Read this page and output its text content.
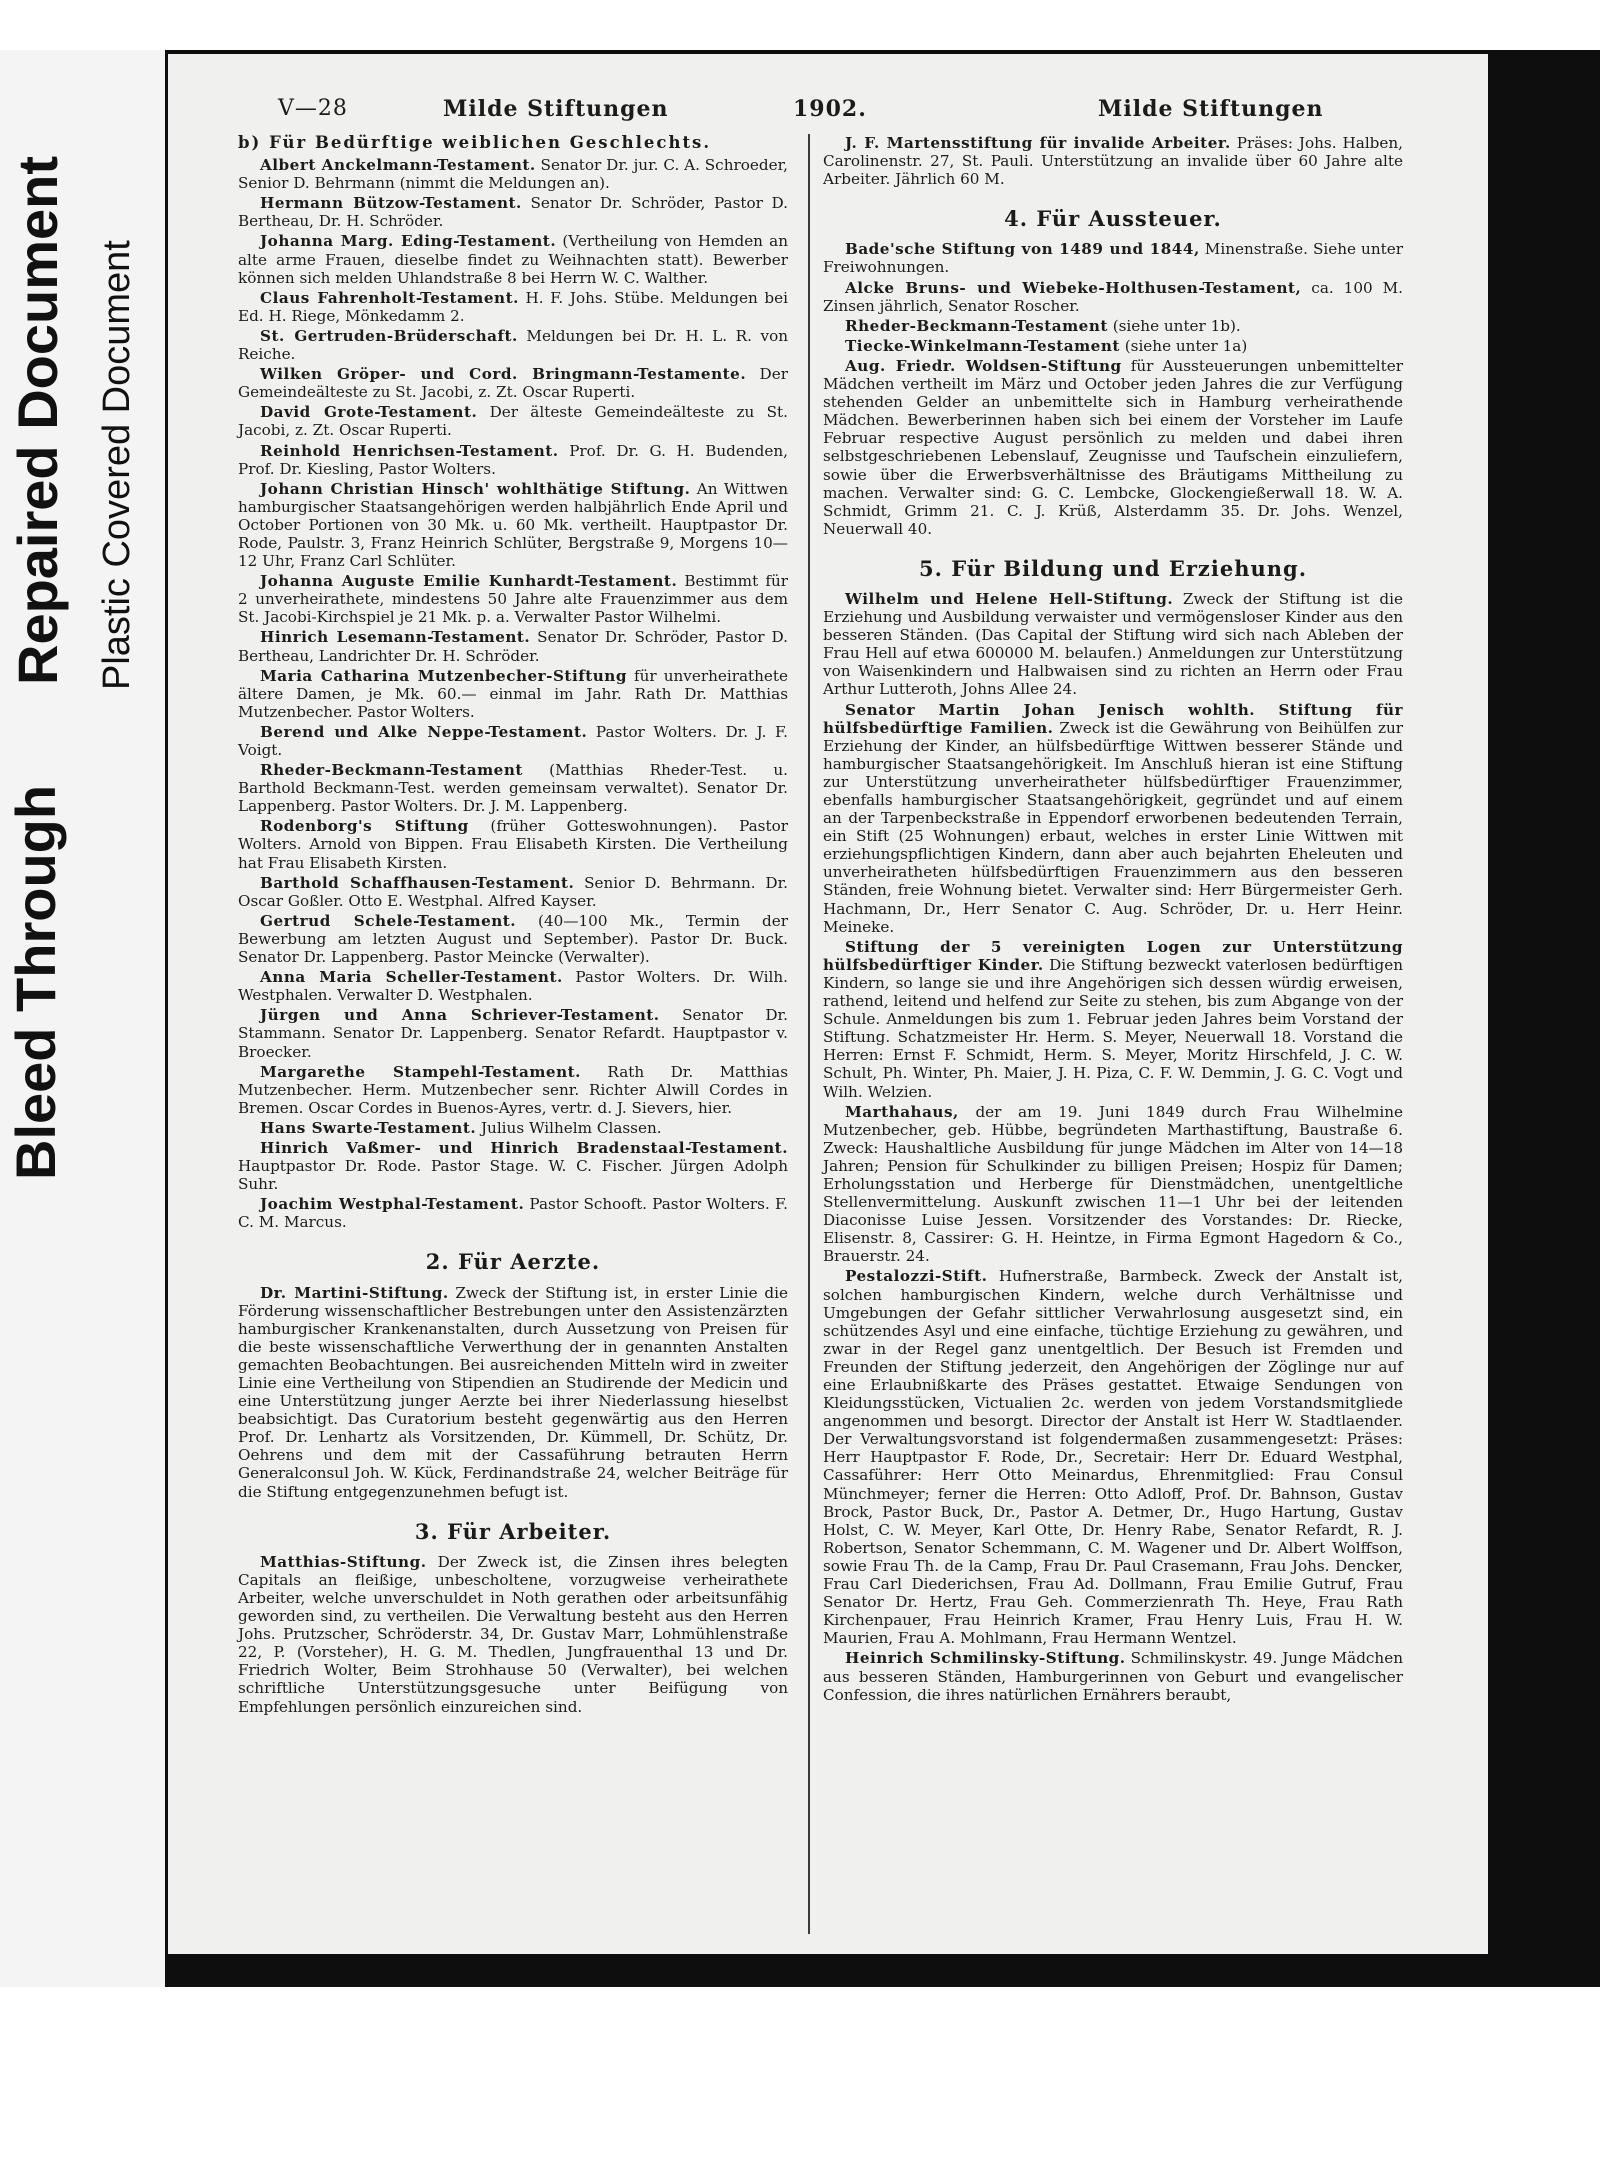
Bleed Through
Repaired Document Plastic Covered Document
V—28	Milde Stiftungen	1902.	Milde Stiftungen
b) Für Bedürftige weiblichen Geschlechts.

Albert Anckelmann-Testament. Senator Dr. jur. C. A. Schroeder, Senior D. Behrmann (nimmt die Meldungen an).

Hermann Bützow-Testament. Senator Dr. Schröder, Pastor D. Bertheau, Dr. H. Schröder.

Johanna Marg. Eding-Testament. (Vertheilung von Hemden an alte arme Frauen, dieselbe findet zu Weihnachten statt). Bewerber können sich melden Uhlandstraße 8 bei Herrn W. C. Walther.

Claus Fahrenholt-Testament. H. F. Johs. Stübe. Meldungen bei Ed. H. Riege, Mönkedamm 2.

St. Gertruden-Brüderschaft. Meldungen bei Dr. H. L. R. von Reiche.

Wilken Gröper- und Cord. Bringmann-Testamente. Der Gemeindeälteste zu St. Jacobi, z. Zt. Oscar Ruperti.

David Grote-Testament. Der älteste Gemeindeälteste zu St. Jacobi, z. Zt. Oscar Ruperti.

Reinhold Henrichsen-Testament. Prof. Dr. G. H. Budenden, Prof. Dr. Kiesling, Pastor Wolters.

Johann Christian Hinsch' wohlthätige Stiftung. An Wittwen hamburgischer Staatsangehörigen werden halbjährlich Ende April und October Portionen von 30 Mk. u. 60 Mk. vertheilt. Hauptpastor Dr. Rode, Paulstr. 3, Franz Heinrich Schlüter, Bergstraße 9, Morgens 10—12 Uhr, Franz Carl Schlüter.

Johanna Auguste Emilie Kunhardt-Testament. Bestimmt für 2 unverheirathete, mindestens 50 Jahre alte Frauenzimmer aus dem St. Jacobi-Kirchspiel je 21 Mk. p. a. Verwalter Pastor Wilhelmi.

Hinrich Lesemann-Testament. Senator Dr. Schröder, Pastor D. Bertheau, Landrichter Dr. H. Schröder.

Maria Catharina Mutzenbecher-Stiftung für unverheirathete ältere Damen, je Mk. 60.— einmal im Jahr. Rath Dr. Matthias Mutzenbecher. Pastor Wolters.

Berend und Alke Neppe-Testament. Pastor Wolters. Dr. J. F. Voigt.

Rheder-Beckmann-Testament (Matthias Rheder-Test. u. Barthold Beckmann-Test. werden gemeinsam verwaltet). Senator Dr. Lappenberg. Pastor Wolters. Dr. J. M. Lappenberg.

Rodenborg's Stiftung (früher Gotteswohnungen). Pastor Wolters. Arnold von Bippen. Frau Elisabeth Kirsten. Die Vertheilung hat Frau Elisabeth Kirsten.

Barthold Schaffhausen-Testament. Senior D. Behrmann. Dr. Oscar Goßler. Otto E. Westphal. Alfred Kayser.

Gertrud Schele-Testament. (40—100 Mk., Termin der Bewerbung am letzten August und September). Pastor Dr. Buck. Senator Dr. Lappenberg. Pastor Meincke (Verwalter).

Anna Maria Scheller-Testament. Pastor Wolters. Dr. Wilh. Westphalen. Verwalter D. Westphalen.

Jürgen und Anna Schriever-Testament. Senator Dr. Stammann. Senator Dr. Lappenberg. Senator Refardt. Hauptpastor v. Broecker.

Margarethe Stampehl-Testament. Rath Dr. Matthias Mutzenbecher. Herm. Mutzenbecher senr. Richter Alwill Cordes in Bremen. Oscar Cordes in Buenos-Ayres, vertr. d. J. Sievers, hier.

Hans Swarte-Testament. Julius Wilhelm Classen.

Hinrich Vaßmer- und Hinrich Bradenstaal-Testament. Hauptpastor Dr. Rode. Pastor Stage. W. C. Fischer. Jürgen Adolph Suhr.

Joachim Westphal-Testament. Pastor Schooft. Pastor Wolters. F. C. M. Marcus.

2. Für Aerzte.

Dr. Martini-Stiftung. Zweck der Stiftung ist, in erster Linie die Förderung wissenschaftlicher Bestrebungen unter den Assistenzärzten hamburgischer Krankenanstalten, durch Aussetzung von Preisen für die beste wissenschaftliche Verwerthung der in genannten Anstalten gemachten Beobachtungen. Bei ausreichenden Mitteln wird in zweiter Linie eine Vertheilung von Stipendien an Studirende der Medicin und eine Unterstützung junger Aerzte bei ihrer Niederlassung hieselbst beabsichtigt. Das Curatorium besteht gegenwärtig aus den Herren Prof. Dr. Lenhartz als Vorsitzenden, Dr. Kümmell, Dr. Schütz, Dr. Oehrens und dem mit der Cassaführung betrauten Herrn Generalconsul Joh. W. Kück, Ferdinandstraße 24, welcher Beiträge für die Stiftung entgegenzunehmen befugt ist.

3. Für Arbeiter.

Matthias-Stiftung. Der Zweck ist, die Zinsen ihres belegten Capitals an fleißige, unbescholtene, vorzugweise verheirathete Arbeiter, welche unverschuldet in Noth gerathen oder arbeitsunfähig geworden sind, zu vertheilen. Die Verwaltung besteht aus den Herren Johs. Prutzscher, Schröderstr. 34, Dr. Gustav Marr, Lohmühlenstraße 22, P. (Vorsteher), H. G. M. Thedlen, Jungfrauenthal 13 und Dr. Friedrich Wolter, Beim Strohhause 50 (Verwalter), bei welchen schriftliche Unterstützungsgesuche unter Beifügung von Empfehlungen persönlich einzureichen sind.

J. F. Martensstiftung für invalide Arbeiter. Präses: Johs. Halben, Carolinenstr. 27, St. Pauli. Unterstützung an invalide über 60 Jahre alte Arbeiter. Jährlich 60 M.

4. Für Aussteuer.

Bade'sche Stiftung von 1489 und 1844, Minenstraße. Siehe unter Freiwohnungen.

Alcke Bruns- und Wiebeke-Holthusen-Testament, ca. 100 M. Zinsen jährlich, Senator Roscher.

Rheder-Beckmann-Testament (siehe unter 1b).

Tiecke-Winkelmann-Testament (siehe unter 1a)

Aug. Friedr. Woldsen-Stiftung für Aussteuerungen unbemittelter Mädchen vertheilt im März und October jeden Jahres die zur Verfügung stehenden Gelder an unbemittelte sich in Hamburg verheirathende Mädchen. Bewerberinnen haben sich bei einem der Vorsteher im Laufe Februar respective August persönlich zu melden und dabei ihren selbstgeschriebenen Lebenslauf, Zeugnisse und Taufschein einzuliefern, sowie über die Erwerbsverhältnisse des Bräutigams Mittheilung zu machen. Verwalter sind: G. C. Lembcke, Glockengießerwall 18. W. A. Schmidt, Grimm 21. C. J. Krüß, Alsterdamm 35. Dr. Johs. Wenzel, Neuerwall 40.

5. Für Bildung und Erziehung.

Wilhelm und Helene Hell-Stiftung. Zweck der Stiftung ist die Erziehung und Ausbildung verwaister und vermögensloser Kinder aus den besseren Ständen. (Das Capital der Stiftung wird sich nach Ableben der Frau Hell auf etwa 600000 M. belaufen.) Anmeldungen zur Unterstützung von Waisenkindern und Halbwaisen sind zu richten an Herrn oder Frau Arthur Lutteroth, Johns Allee 24.

Senator Martin Johan Jenisch wohlth. Stiftung für hülfsbedürftige Familien. Zweck ist die Gewährung von Beihülfen zur Erziehung der Kinder, an hülfsbedürftige Wittwen besserer Stände und hamburgischer Staatsangehörigkeit. Im Anschluß hieran ist eine Stiftung zur Unterstützung unverheiratheter hülfsbedürftiger Frauenzimmer, ebenfalls hamburgischer Staatsangehörigkeit, gegründet und auf einem an der Tarpenbeckstraße in Eppendorf erworbenen bedeutenden Terrain, ein Stift (25 Wohnungen) erbaut, welches in erster Linie Wittwen mit erziehungspflichtigen Kindern, dann aber auch bejahrten Eheleuten und unverheiratheten hülfsbedürftigen Frauenzimmern aus den besseren Ständen, freie Wohnung bietet. Verwalter sind: Herr Bürgermeister Gerh. Hachmann, Dr., Herr Senator C. Aug. Schröder, Dr. u. Herr Heinr. Meineke.

Stiftung der 5 vereinigten Logen zur Unterstützung hülfsbedürftiger Kinder. Die Stiftung bezweckt vaterlosen bedürftigen Kindern, so lange sie und ihre Angehörigen sich dessen würdig erweisen, rathend, leitend und helfend zur Seite zu stehen, bis zum Abgange von der Schule. Anmeldungen bis zum 1. Februar jeden Jahres beim Vorstand der Stiftung. Schatzmeister Hr. Herm. S. Meyer, Neuerwall 18. Vorstand die Herren: Ernst F. Schmidt, Herm. S. Meyer, Moritz Hirschfeld, J. C. W. Schult, Ph. Winter, Ph. Maier, J. H. Piza, C. F. W. Demmin, J. G. C. Vogt und Wilh. Welzien.

Marthahaus, der am 19. Juni 1849 durch Frau Wilhelmine Mutzenbecher, geb. Hübbe, begründeten Marthastiftung, Baustraße 6. Zweck: Haushaltliche Ausbildung für junge Mädchen im Alter von 14—18 Jahren; Pension für Schulkinder zu billigen Preisen; Hospiz für Damen; Erholungsstation und Herberge für Dienstmädchen, unentgeltliche Stellenvermittelung. Auskunft zwischen 11—1 Uhr bei der leitenden Diaconisse Luise Jessen. Vorsitzender des Vorstandes: Dr. Riecke, Elisenstr. 8, Cassirer: G. H. Heintze, in Firma Egmont Hagedorn & Co., Brauerstr. 24.

Pestalozzi-Stift. Hufnerstraße, Barmbeck. Zweck der Anstalt ist, solchen hamburgischen Kindern, welche durch Verhältnisse und Umgebungen der Gefahr sittlicher Verwahrlosung ausgesetzt sind, ein schützendes Asyl und eine einfache, tüchtige Erziehung zu gewähren, und zwar in der Regel ganz unentgeltlich. Der Besuch ist Fremden und Freunden der Stiftung jederzeit, den Angehörigen der Zöglinge nur auf eine Erlaubnißkarte des Präses gestattet. Etwaige Sendungen von Kleidungsstücken, Victualien 2c. werden von jedem Vorstandsmitgliede angenommen und besorgt. Director der Anstalt ist Herr W. Stadtlaender. Der Verwaltungsvorstand ist folgendermaßen zusammengesetzt: Präses: Herr Hauptpastor F. Rode, Dr., Secretair: Herr Dr. Eduard Westphal, Cassaführer: Herr Otto Meinardus, Ehrenmitglied: Frau Consul Münchmeyer; ferner die Herren: Otto Adloff, Prof. Dr. Bahnson, Gustav Brock, Pastor Buck, Dr., Pastor A. Detmer, Dr., Hugo Hartung, Gustav Holst, C. W. Meyer, Karl Otte, Dr. Henry Rabe, Senator Refardt, R. J. Robertson, Senator Schemmann, C. M. Wagener und Dr. Albert Wolffson, sowie Frau Th. de la Camp, Frau Dr. Paul Crasemann, Frau Johs. Dencker, Frau Carl Diederichsen, Frau Ad. Dollmann, Frau Emilie Gutruf, Frau Senator Dr. Hertz, Frau Geh. Commerzienrath Th. Heye, Frau Rath Kirchenpauer, Frau Heinrich Kramer, Frau Henry Luis, Frau H. W. Maurien, Frau A. Mohlmann, Frau Hermann Wentzel.

Heinrich Schmilinsky-Stiftung. Schmilinskystr. 49. Junge Mädchen aus besseren Ständen, Hamburgerinnen von Geburt und evangelischer Confession, die ihres natürlichen Ernährers beraubt,
